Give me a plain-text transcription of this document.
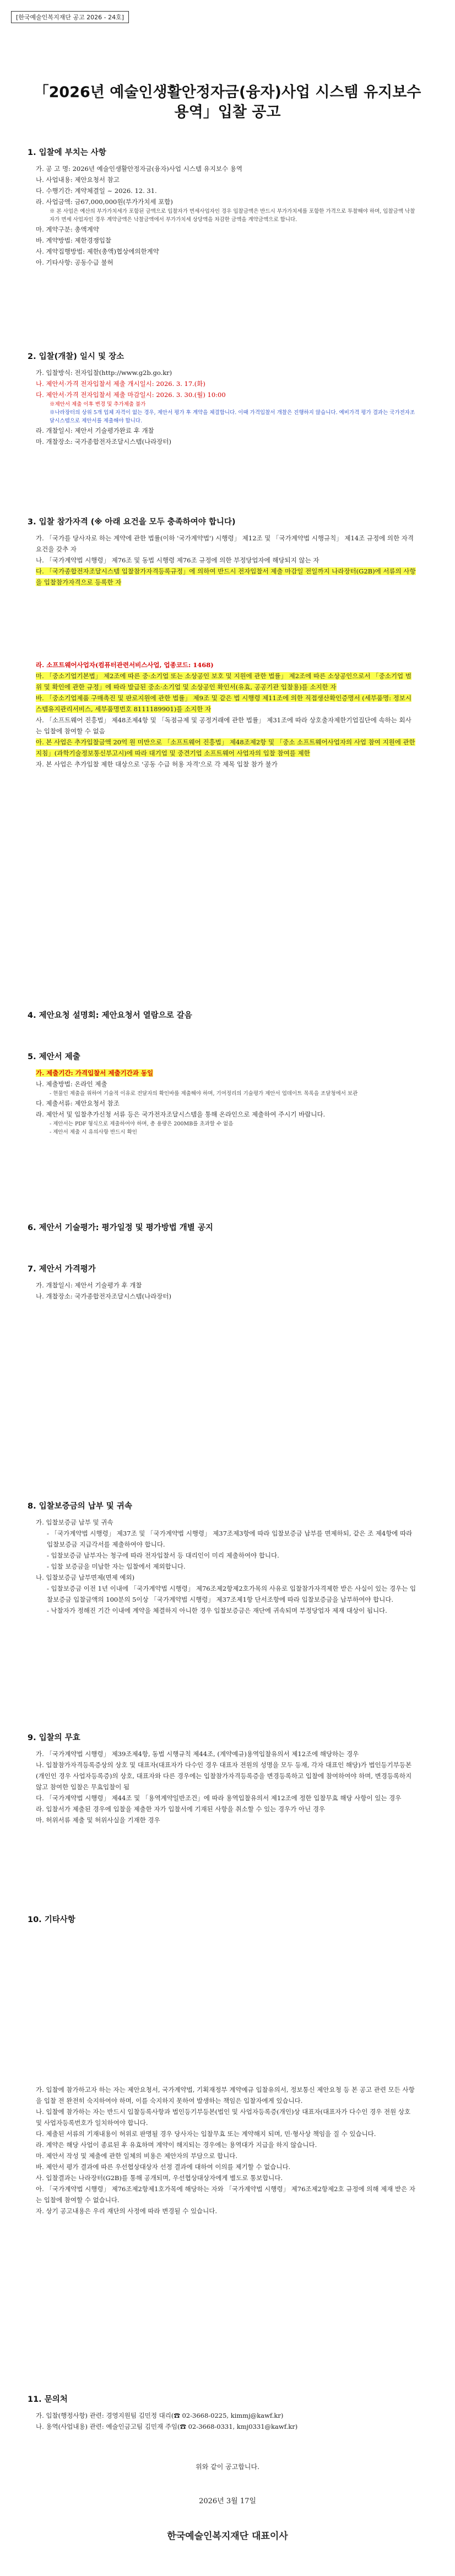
[한국예술인복지재단 공고 2026 - 24호]
「2026년 예술인생활안정자금(융자)사업 시스템 유지보수 용역」입찰 공고
1. 입찰에 부치는 사항
가. 공 고 명: 2026년 예술인생활안정자금(융자)사업 시스템 유지보수 용역
나. 사업내용: 제안요청서 참고
다. 수행기간: 계약체결일 ~ 2026. 12. 31.
라. 사업금액: 금67,000,000원(부가가치세 포함)
※ 본 사업은 예산의 부가가치세가 포함된 금액으로 입찰자가 면세사업자인 경우 입찰금액은 반드시 부가가치세를 포함한 가격으로 투찰해야 하며, 입찰금액 낙찰자가 면세 사업자인 경우 계약금액은 낙찰금액에서 부가가치세 상당액을 차감한 금액을 계약금액으로 합니다.
마. 계약구분: 총액계약
바. 계약방법: 제한경쟁입찰
사. 계약집행방법: 제한(총액)협상에의한계약
아. 기타사항: 공동수급 불허
2. 입찰(개찰) 일시 및 장소
가. 입찰방식: 전자입찰(http://www.g2b.go.kr)
나. 제안서·가격 전자입찰서 제출 개시일시: 2026. 3. 17.(화)
다. 제안서·가격 전자입찰서 제출 마감일시: 2026. 3. 30.(월) 10:00
※제안서 제출 이후 변경 및 추가제출 불가
※나라장터의 상위 5개 업체 자격이 없는 경우, 제안서 평가 후 계약을 체결합니다. 이때 가격입찰서 개찰은 진행하지 않습니다. 예비가격 평가 결과는 국가전자조달시스템으로 제안서를 제출해야 합니다.
라. 개찰일시: 제안서 기술평가완료 후 개찰
마. 개찰장소: 국가종합전자조달시스템(나라장터)
3. 입찰 참가자격 (※ 아래 요건을 모두 충족하여야 합니다)
가. 「국가를 당사자로 하는 계약에 관한 법률(이하 '국가계약법') 시행령」 제12조 및 「국가계약법 시행규칙」 제14조 규정에 의한 자격요건을 갖추 자
나. 「국가계약법 시행령」 제76조 및 동법 시행령 제76조 규정에 의한 부정당업자에 해당되지 않는 자
다. 「국가종합전자조달시스템 입찰참가자격등록규정」에 의하여 반드시 전자입찰서 제출 마감일 전일까지 나라장터(G2B)에 서류의 사항을 입찰참가자격으로 등록한 자
라. 소프트웨어사업자(컴퓨터관련서비스사업, 업종코드: 1468)
마. 「중소기업기본법」 제2조에 따른 중·소기업 또는 소상공인 보호 및 지원에 관한 법률」 제2조에 따른 소상공인으로서 「중소기업 범위 및 확인에 관한 규정」에 따라 발급된 중소·소기업 및 소상공인 확인서(유효, 공공기관 입찰용)를 소지한 자
바. 「중소기업제품 구매촉진 및 판로지원에 관한 법률」 제9조 및 같은 법 시행령 제11조에 의한 직접생산확인증명서 (세부품명: 정보시스템유지관리서비스, 세부품명번호 8111189901)를 소지한 자
사. 「소프트웨어 진흥법」 제48조제4항 및 「독점규제 및 공정거래에 관한 법률」 제31조에 따라 상호출자제한기업집단에 속하는 회사는 입찰에 참여할 수 없음
아. 본 사업은 추가입찰금액 20억 원 미만으로 「소프트웨어 진흥법」 제48조제2항 및 「중소 소프트웨어사업자의 사업 참여 지원에 관한 지침」(과학기술정보통신부고시)에 따라 대기업 및 중견기업 소프트웨어 사업자의 입찰 참여를 제한
자. 본 사업은 추가입찰 제한 대상으로 '공동 수급 허용 자격'으로 각 제목 입찰 참가 불가
4. 제안요청 설명회: 제안요청서 열람으로 갈음
5. 제안서 제출
가. 제출기간: 가격입찰서 제출기간과 동일
나. 제출방법: 온라인 제출
- 현물인 제출을 위하여 기술적 이유로 전달자의 확인바를 제출해야 하며, 기여정리의 기술평가 제안서 업데이트 목록을 조달청에서 보관
다. 제출서류: 제안요청서 참조
라. 제안서 및 입찰추가신청 서류 등은 국가전자조달시스템을 통해 온라인으로 제출하여 주시기 바랍니다.
- 제안서는 PDF 형식으로 제출하여야 하며, 총 용량은 200MB를 초과할 수 없음
- 제안서 제출 시 유의사항 반드시 확인
6. 제안서 기술평가: 평가일정 및 평가방법 개별 공지
7. 제안서 가격평가
가. 개찰일시: 제안서 기술평가 후 개찰
나. 개찰장소: 국가종합전자조달시스템(나라장터)
8. 입찰보증금의 납부 및 귀속
가. 입찰보증금 납부 및 귀속
- 「국가계약법 시행령」 제37조 및 「국가계약법 시행령」 제37조제3항에 따라 입찰보증금 납부를 면제하되, 같은 조 제4항에 따라 입찰보증금 지급각서를 제출하여야 합니다.
- 입찰보증금 납부자는 청구에 따라 전자입찰서 등 대리인이 미리 제출하여야 합니다.
- 입찰 보증금을 미납한 자는 입찰에서 제외합니다.
나. 입찰보증금 납부면제(면제 예외)
- 입찰보증금 이전 1년 이내에 「국가계약법 시행령」 제76조제2항제2호가목의 사유로 입찰참가자격제한 받은 사실이 있는 경우는 입찰보증금 입찰금액의 100분의 5이상 「국가계약법 시행령」 제37조제1항 단서조항에 따라 입찰보증금을 납부하여야 합니다.
- 낙찰자가 정해진 기간 이내에 계약을 체결하지 아니한 경우 입찰보증금은 재단에 귀속되며 부정당업자 제재 대상이 됩니다.
9. 입찰의 무효
가. 「국가계약법 시행령」 제39조제4항, 동법 시행규칙 제44조, (계약예규)용역입찰유의서 제12조에 해당하는 경우
나. 입찰참가자격등록증상의 상호 및 대표자(대표자가 다수인 경우 대표자 전원의 성명을 모두 등재, 각자 대표인 해당)가 법인등기부등본(개인인 경우 사업자등록증)의 상호, 대표자와 다른 경우에는 입찰참가자격등록증을 변경등록하고 입찰에 참여하여야 하며, 변경등록하지 않고 참여한 입찰은 무효입찰이 됨
다. 「국가계약법 시행령」 제44조 및 「용역계약일반조건」에 따라 용역입찰유의서 제12조에 정한 입찰무효 해당 사항이 있는 경우
라. 입찰서가 제출된 경우에 입찰을 제출한 자가 입찰서에 기재된 사항을 취소할 수 있는 경우가 아닌 경우
마. 허위서류 제출 및 허위사실을 기재한 경우
10. 기타사항
가. 입찰에 참가하고자 하는 자는 제안요청서, 국가계약법, 기획재정부 계약예규 입찰유의서, 정보통신 제안요청 등 본 공고 관련 모든 사항을 입찰 전 완전히 숙지하여야 하며, 이를 숙지하지 못하여 발생하는 책임은 입찰자에게 있습니다.
나. 입찰에 참가하는 자는 반드시 입찰등록사항과 법인등기부등본(법인 및 사업자등록증(개인)상 대표자(대표자가 다수인 경우 전원 상호 및 사업자등록번호가 일치하여야 합니다.
다. 제출된 서류의 기재내용이 허위로 판명될 경우 당사자는 입찰무효 또는 계약해지 되며, 민·형사상 책임을 질 수 있습니다.
라. 계약은 해당 사업이 종료된 후 유효하며 계약이 해지되는 경우에는 용역대가 지급을 하지 않습니다.
마. 제안서 작성 및 제출에 관한 일체의 비용은 제안자의 부담으로 합니다.
바. 제안서 평가 결과에 따른 우선협상대상자 선정 결과에 대하여 이의를 제기할 수 없습니다.
사. 입찰결과는 나라장터(G2B)를 통해 공개되며, 우선협상대상자에게 별도로 통보합니다.
아. 「국가계약법 시행령」 제76조제2항제1호가목에 해당하는 자와 「국가계약법 시행령」 제76조제2항제2호 규정에 의해 제재 받은 자는 입찰에 참여할 수 없습니다.
자. 상기 공고내용은 우리 재단의 사정에 따라 변경될 수 있습니다.
11. 문의처
가. 입찰(행정사항) 관련: 경영지원팀 김민정 대리(☎ 02-3668-0225, kimmj@kawf.kr)
나. 용역(사업내용) 관련: 예술인금고팀 김민재 주임(☎ 02-3668-0331, kmj0331@kawf.kr)
위와 같이 공고합니다.
2026년 3월 17일
한국예술인복지재단 대표이사
